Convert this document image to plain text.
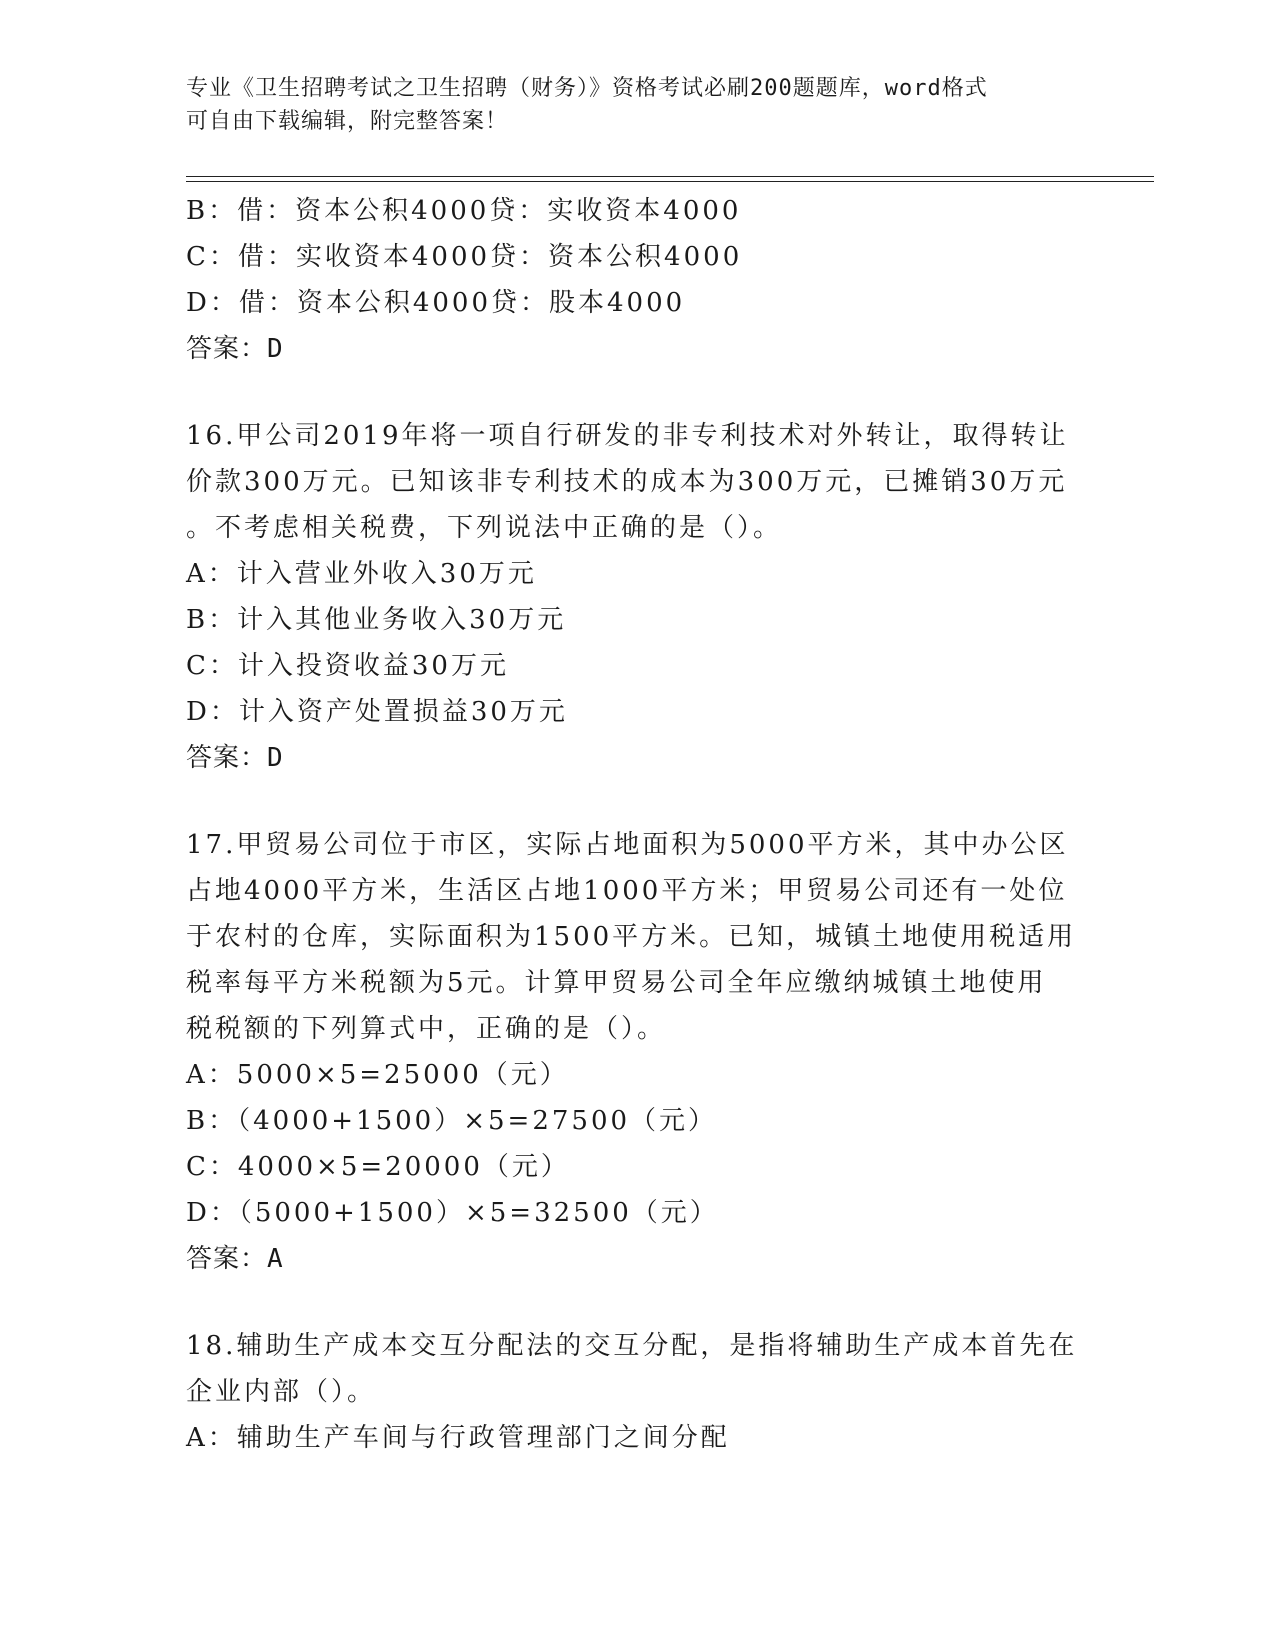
专业《卫生招聘考试之卫生招聘（财务）》资格考试必刷200题题库，word格式
可自由下载编辑，附完整答案！
B：借：资本公积4000贷：实收资本4000
C：借：实收资本4000贷：资本公积4000
D：借：资本公积4000贷：股本4000
答案：D
16.甲公司2019年将一项自行研发的非专利技术对外转让，取得转让
价款300万元。已知该非专利技术的成本为300万元，已摊销30万元
。不考虑相关税费，下列说法中正确的是（）。
A：计入营业外收入30万元
B：计入其他业务收入30万元
C：计入投资收益30万元
D：计入资产处置损益30万元
答案：D
17.甲贸易公司位于市区，实际占地面积为5000平方米，其中办公区
占地4000平方米，生活区占地1000平方米；甲贸易公司还有一处位
于农村的仓库，实际面积为1500平方米。已知，城镇土地使用税适用
税率每平方米税额为5元。计算甲贸易公司全年应缴纳城镇土地使用
税税额的下列算式中，正确的是（）。
A：5000×5=25000（元）
B：（4000+1500）×5=27500（元）
C：4000×5=20000（元）
D：（5000+1500）×5=32500（元）
答案：A
18.辅助生产成本交互分配法的交互分配，是指将辅助生产成本首先在
企业内部（）。
A：辅助生产车间与行政管理部门之间分配
